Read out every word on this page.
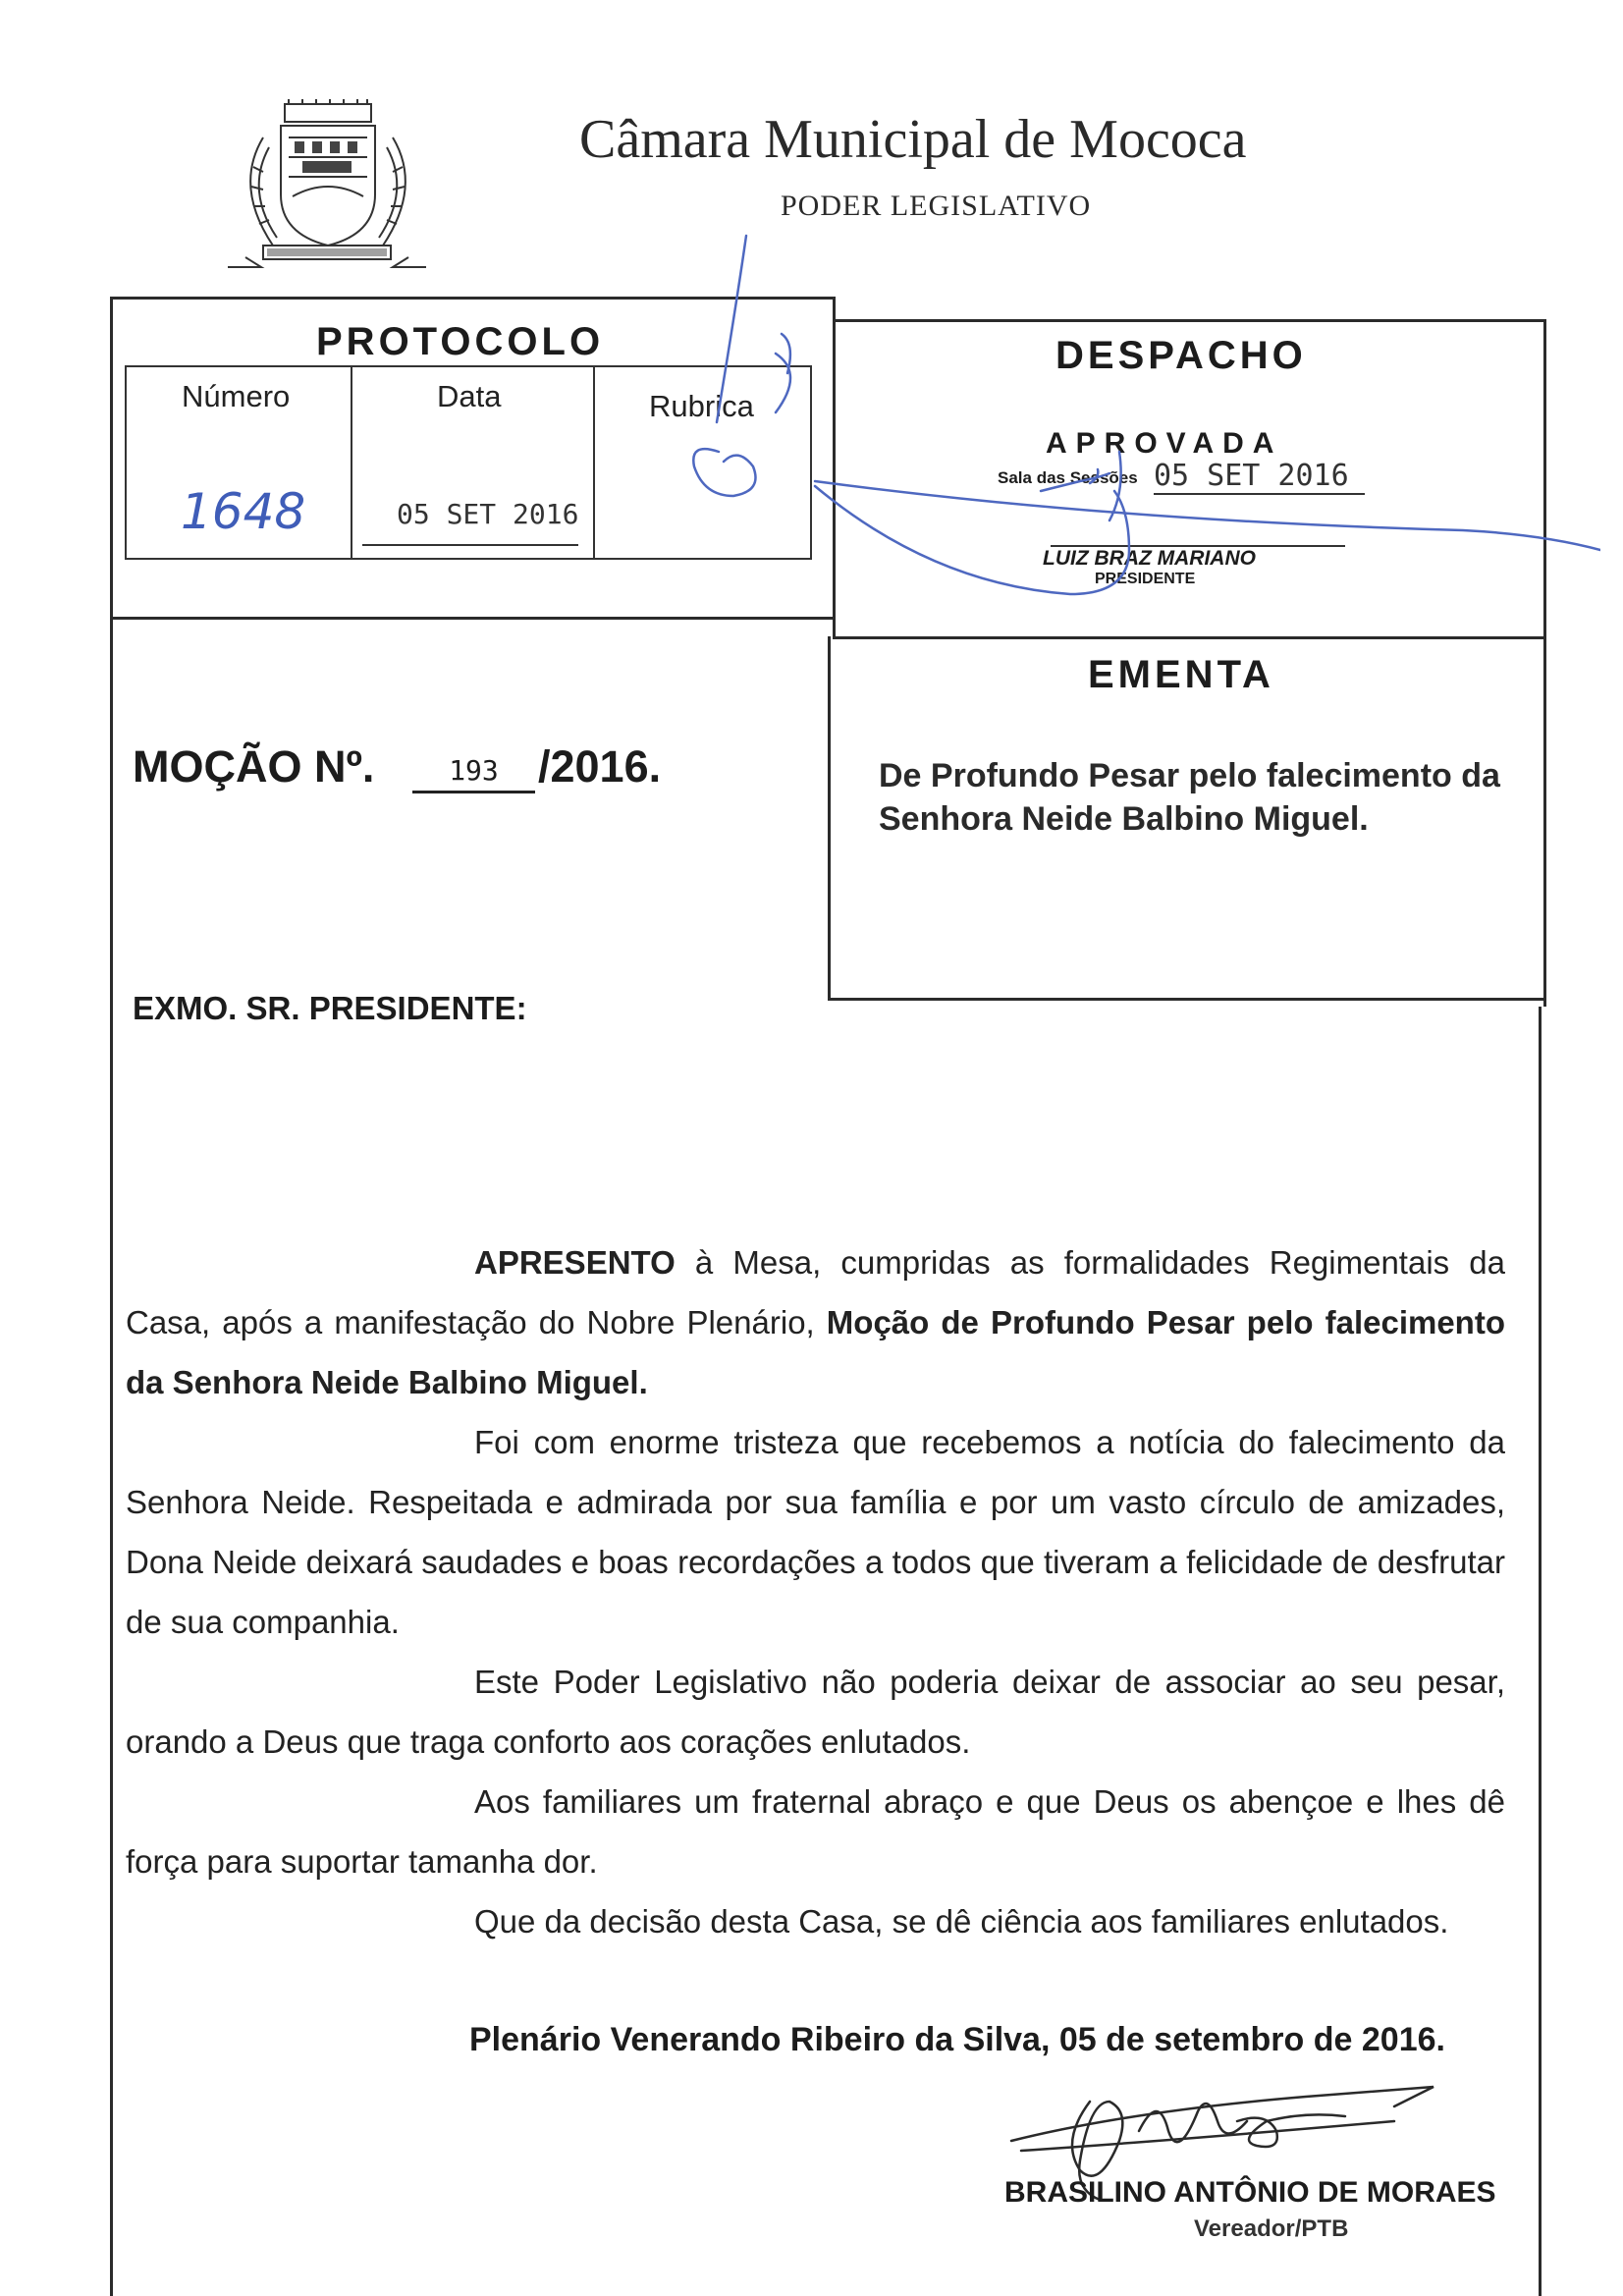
Câmara Municipal de Mococa
PODER LEGISLATIVO
PROTOCOLO
Número	Data	Rubrica
1648	05 SET 2016
DESPACHO
APROVADA
Sala das Sessões 05 SET 2016
LUIZ BRAZ MARIANO
PRESIDENTE
EMENTA
De Profundo Pesar pelo falecimento da Senhora Neide Balbino Miguel.
MOÇÃO Nº.	193 /2016.
EXMO. SR. PRESIDENTE:

APRESENTO à Mesa, cumpridas as formalidades Regimentais da Casa, após a manifestação do Nobre Plenário, Moção de Profundo Pesar pelo falecimento da Senhora Neide Balbino Miguel.

Foi com enorme tristeza que recebemos a notícia do falecimento da Senhora Neide. Respeitada e admirada por sua família e por um vasto círculo de amizades, Dona Neide deixará saudades e boas recordações a todos que tiveram a felicidade de desfrutar de sua companhia.

Este Poder Legislativo não poderia deixar de associar ao seu pesar, orando a Deus que traga conforto aos corações enlutados.

Aos familiares um fraternal abraço e que Deus os abençoe e lhes dê força para suportar tamanha dor.

Que da decisão desta Casa, se dê ciência aos familiares enlutados.

Plenário Venerando Ribeiro da Silva, 05 de setembro de 2016.
BRASILINO ANTÔNIO DE MORAES
Vereador/PTB
